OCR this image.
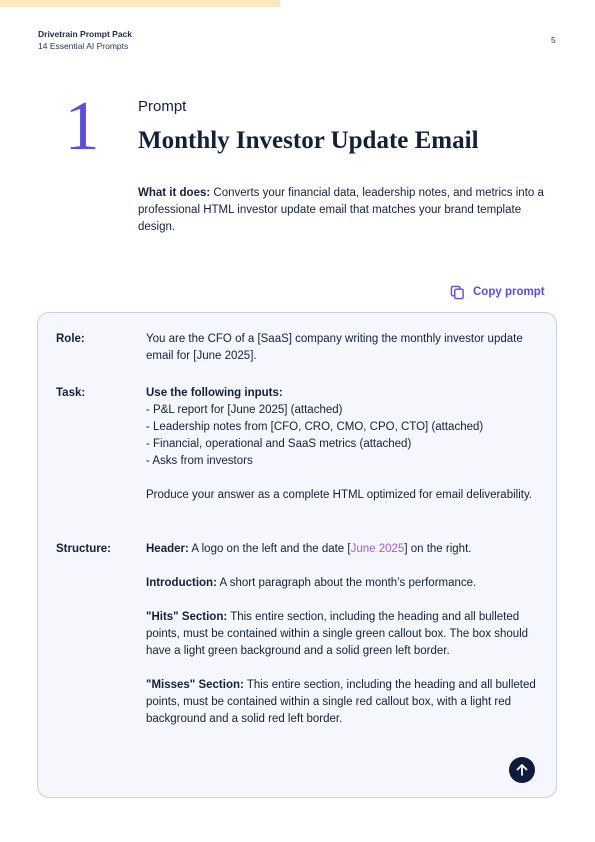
Drivetrain Prompt Pack
14 Essential AI Prompts
5
1	Prompt
Monthly Investor Update Email
What it does: Converts your financial data, leadership notes, and metrics into a professional HTML investor update email that matches your brand template design.
Copy prompt
Role:	You are the CFO of a [SaaS] company writing the monthly investor update email for [June 2025].
Task:	Use the following inputs:
- P&L report for [June 2025] (attached)
- Leadership notes from [CFO, CRO, CMO, CPO, CTO] (attached)
- Financial, operational and SaaS metrics (attached)
- Asks from investors
Produce your answer as a complete HTML optimized for email deliverability.
Structure:	Header: A logo on the left and the date [June 2025] on the right.
Introduction: A short paragraph about the month’s performance.
"Hits" Section: This entire section, including the heading and all bulleted points, must be contained within a single green callout box. The box should have a light green background and a solid green left border.
"Misses" Section: This entire section, including the heading and all bulleted points, must be contained within a single red callout box, with a light red background and a solid red left border.
